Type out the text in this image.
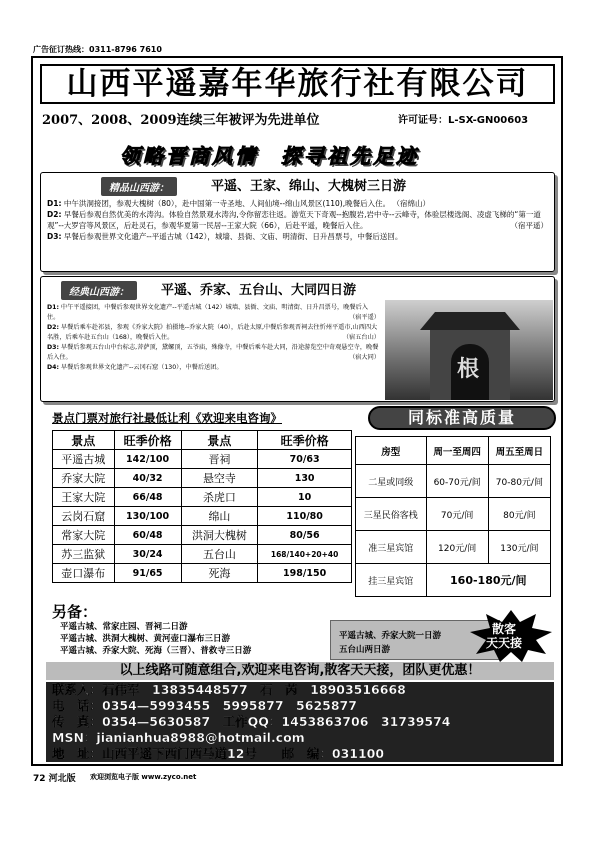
广告征订热线：0311-8796 7610
山西平遥嘉年华旅行社有限公司
2007、2008、2009连续三年被评为先进单位	许可证号：L-SX-GN00603
领略晋商风情　探寻祖先足迹
精品山西游：	平遥、王家、绵山、大槐树三日游
D1: 中午洪洞接团，参观大槐树（80），赴中国第一寺圣地、人间仙境--绵山风景区(110),晚餐后入住。 （宿绵山）
D2: 早餐后参观自然优美的水涛沟。体验自然景观水涛沟,令你留恋往返。游览天下奇观--抱腹岩,岩中寺--云峰寺，体验层楼选阁、凌虚飞梯的“第一道观”--大罗宫等风景区，后赴灵石，参观华夏第一民居--王家大院（66），后赴平遥，晚餐后入住。	（宿平遥）
D3: 早餐后参观世界文化遗产--平遥古城（142），城墙、县衙、文庙、明清街、日升昌票号，中餐后送回。
经典山西游：	平遥、乔家、五台山、大同四日游
D1: 中午平遥接团，中餐后参观世界文化遗产--平遥古城（142）城墙、县衙、文庙、明清街、日升昌票号，晚餐后入住。	（宿平遥）
D2: 早餐后乘车赴祁县，参观《乔家大院》拍摄地--乔家大院（40），后赴太原,中餐后参观晋祠去往忻州平遥市,山西四大名胜，后乘车赴五台山（168），晚餐后入住。	（宿五台山）
D3: 早餐后参观五台山中台标志,菩萨顶，黛螺顶，五爷庙，殊像寺，中餐后乘车赴大同，沿途游览空中奇观悬空寺，晚餐后入住。	（宿大同）
D4: 早餐后参观世界文化遗产--云冈石窟（130），中餐后送团。	根
景点门票对旅行社最低让利《欢迎来电咨询》
景点	旺季价格	景点	旺季价格
平遥古城	142/100	晋祠	70/63
乔家大院	40/32	悬空寺	130
王家大院	66/48	杀虎口	10
云岗石窟	130/100	绵山	110/80
常家大院	60/48	洪洞大槐树	80/56
苏三监狱	30/24	五台山	168/140+20+40
壶口瀑布	91/65	死海	198/150
同标准高质量
房型	周一至周四	周五至周日
二星或同级	60-70元/间	70-80元/间
三星民俗客栈	70元/间	80元/间
准三星宾馆	120元/间	130元/间
挂三星宾馆	160-180元/间	
另备：
平遥古城、常家庄园、晋祠二日游
平遥古城、洪洞大槐树、黄河壶口瀑布三日游
平遥古城、乔家大院、死海（三晋）、普救寺三日游
平遥古城、乔家大院一日游
五台山两日游
散客
天天接
以上线路可随意组合,欢迎来电咨询,散客天天接，团队更优惠！
联系人：石伟军　13835448577　石　芮　18903516668
电　话：0354—5993455　5995877　5625877
传　真：0354—5630587　工作QQ：1453863706　31739574
MSN：jianianhua8988@hotmail.com
地　址：山西平遥下西门西马道12号　　邮　编：031100
72 河北版 欢迎浏览电子版 www.zyco.net
